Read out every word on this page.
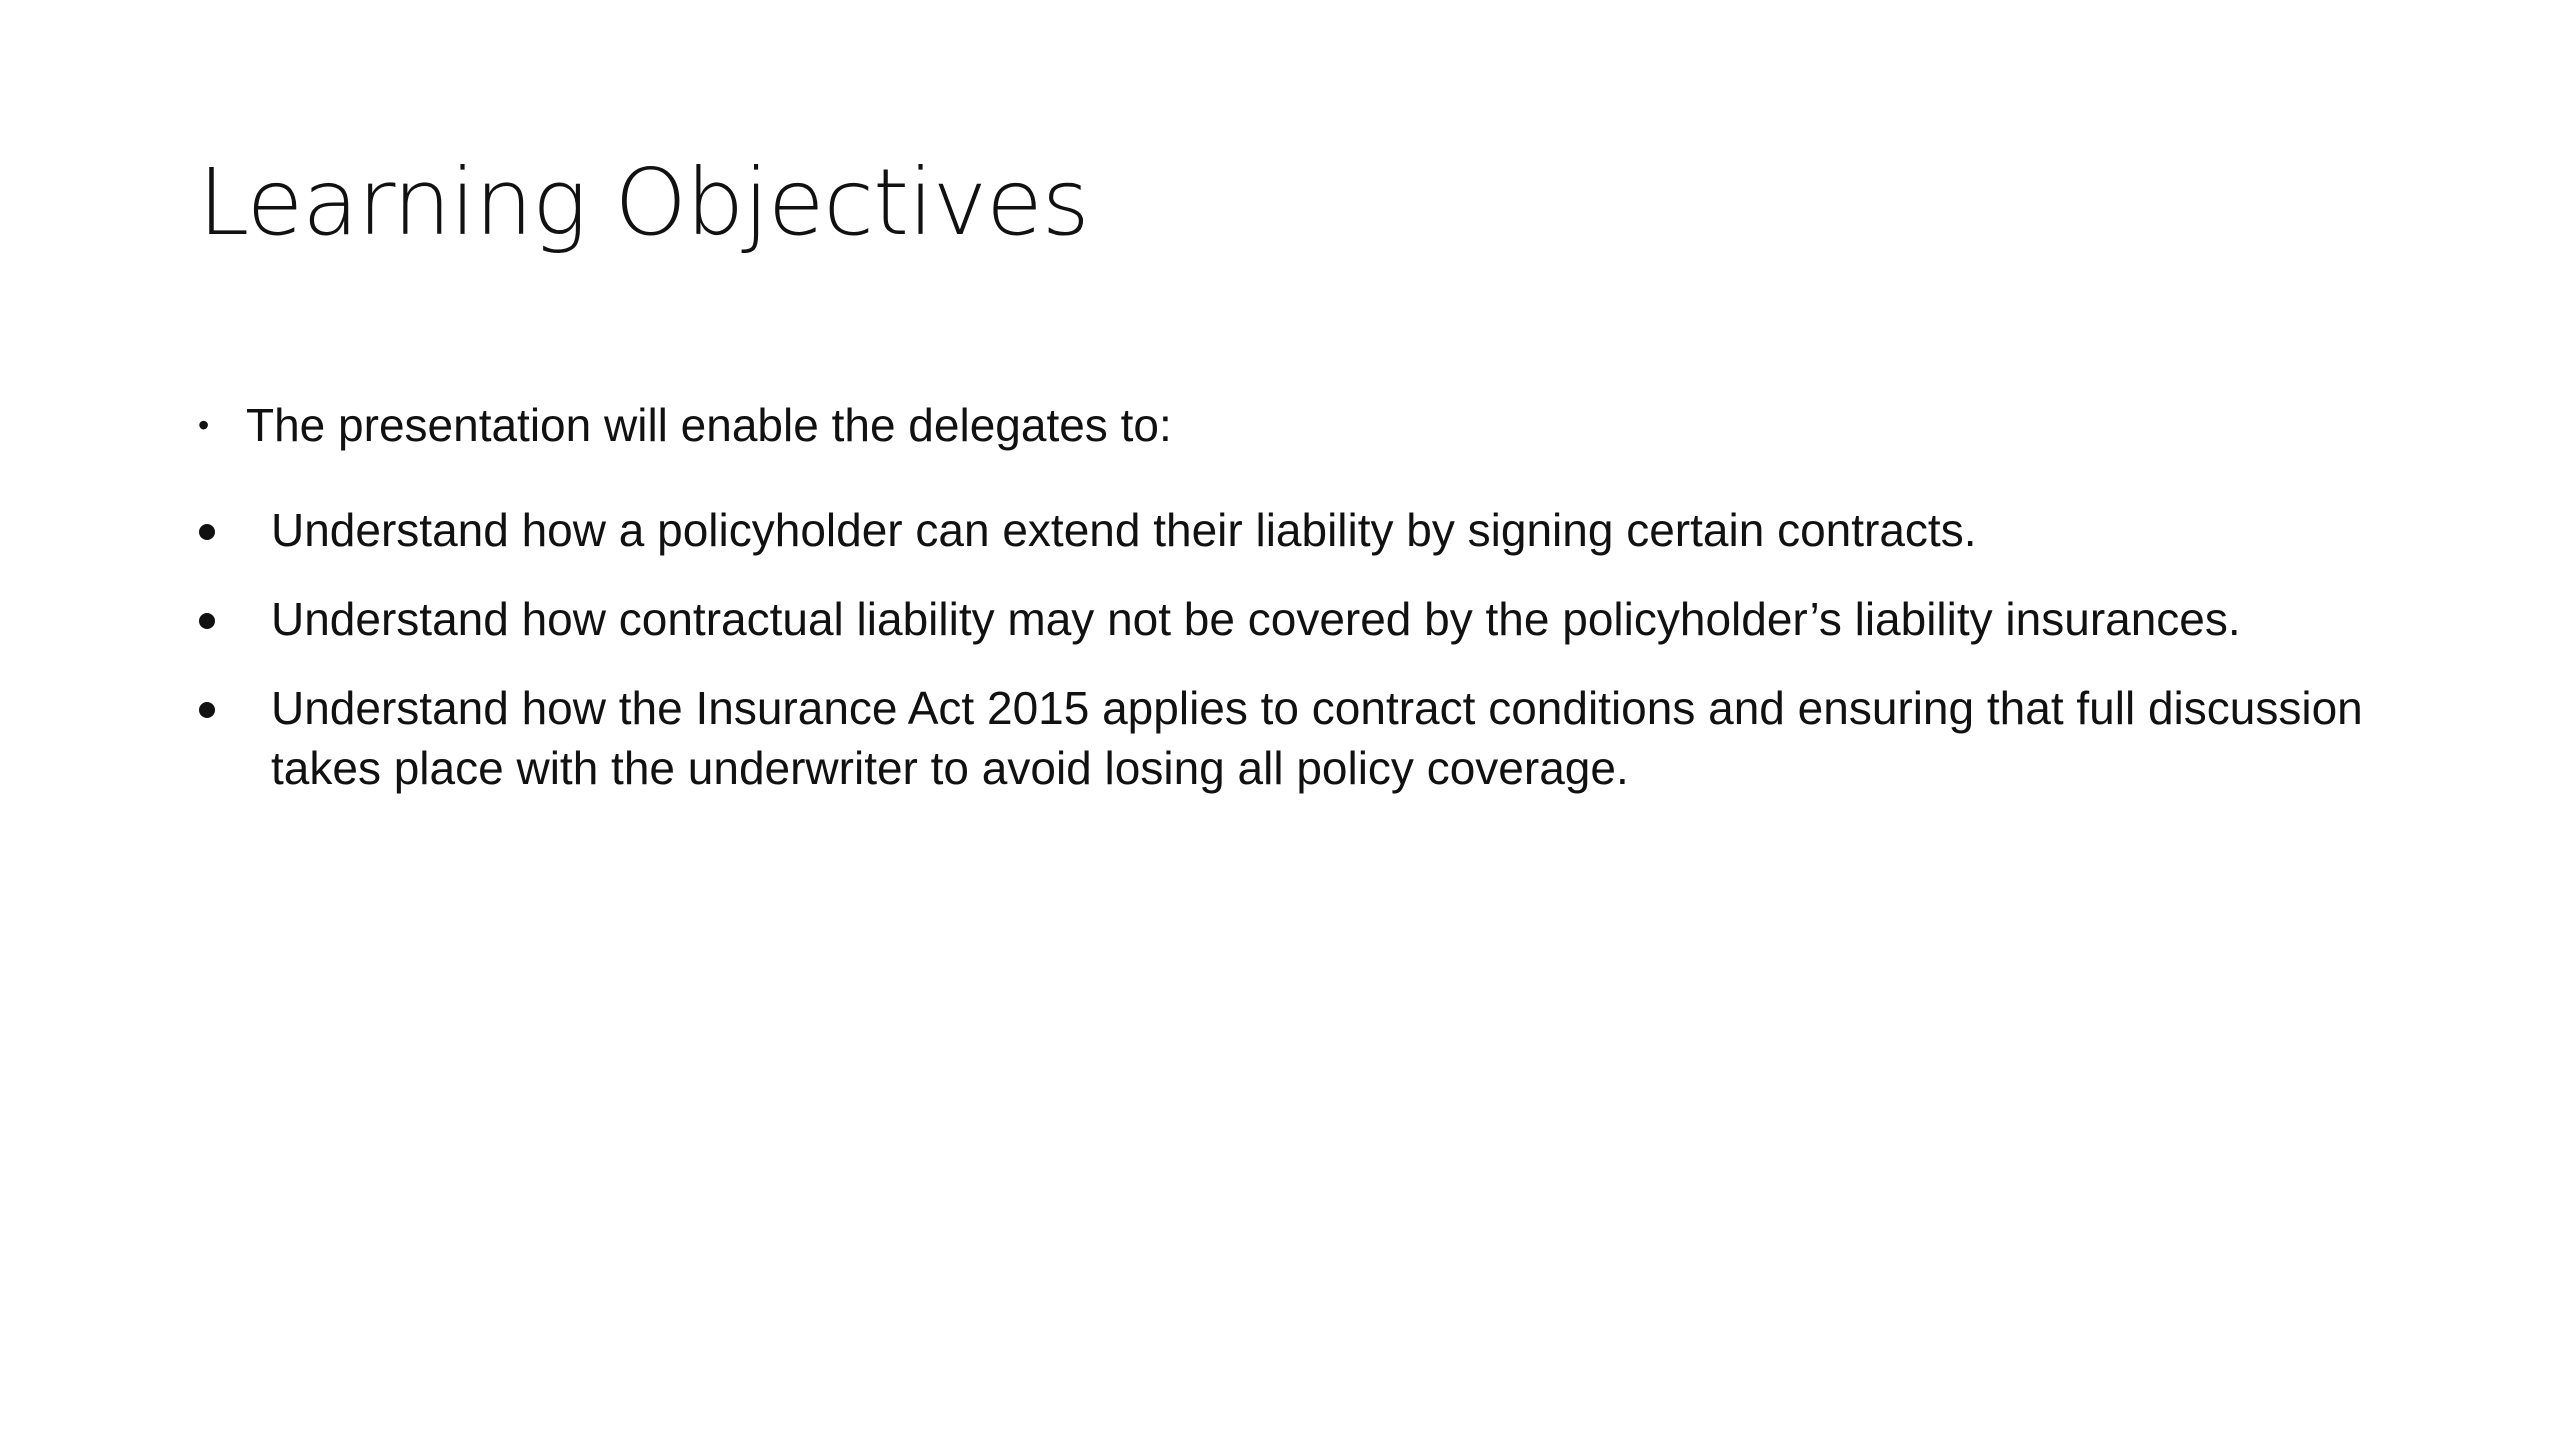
Learning Objectives

• The presentation will enable the delegates to:

Understand how a policyholder can extend their liability by signing certain contracts.
Understand how contractual liability may not be covered by the policyholder’s liability insurances.
Understand how the Insurance Act 2015 applies to contract conditions and ensuring that full discussion takes place with the underwriter to avoid losing all policy coverage.
